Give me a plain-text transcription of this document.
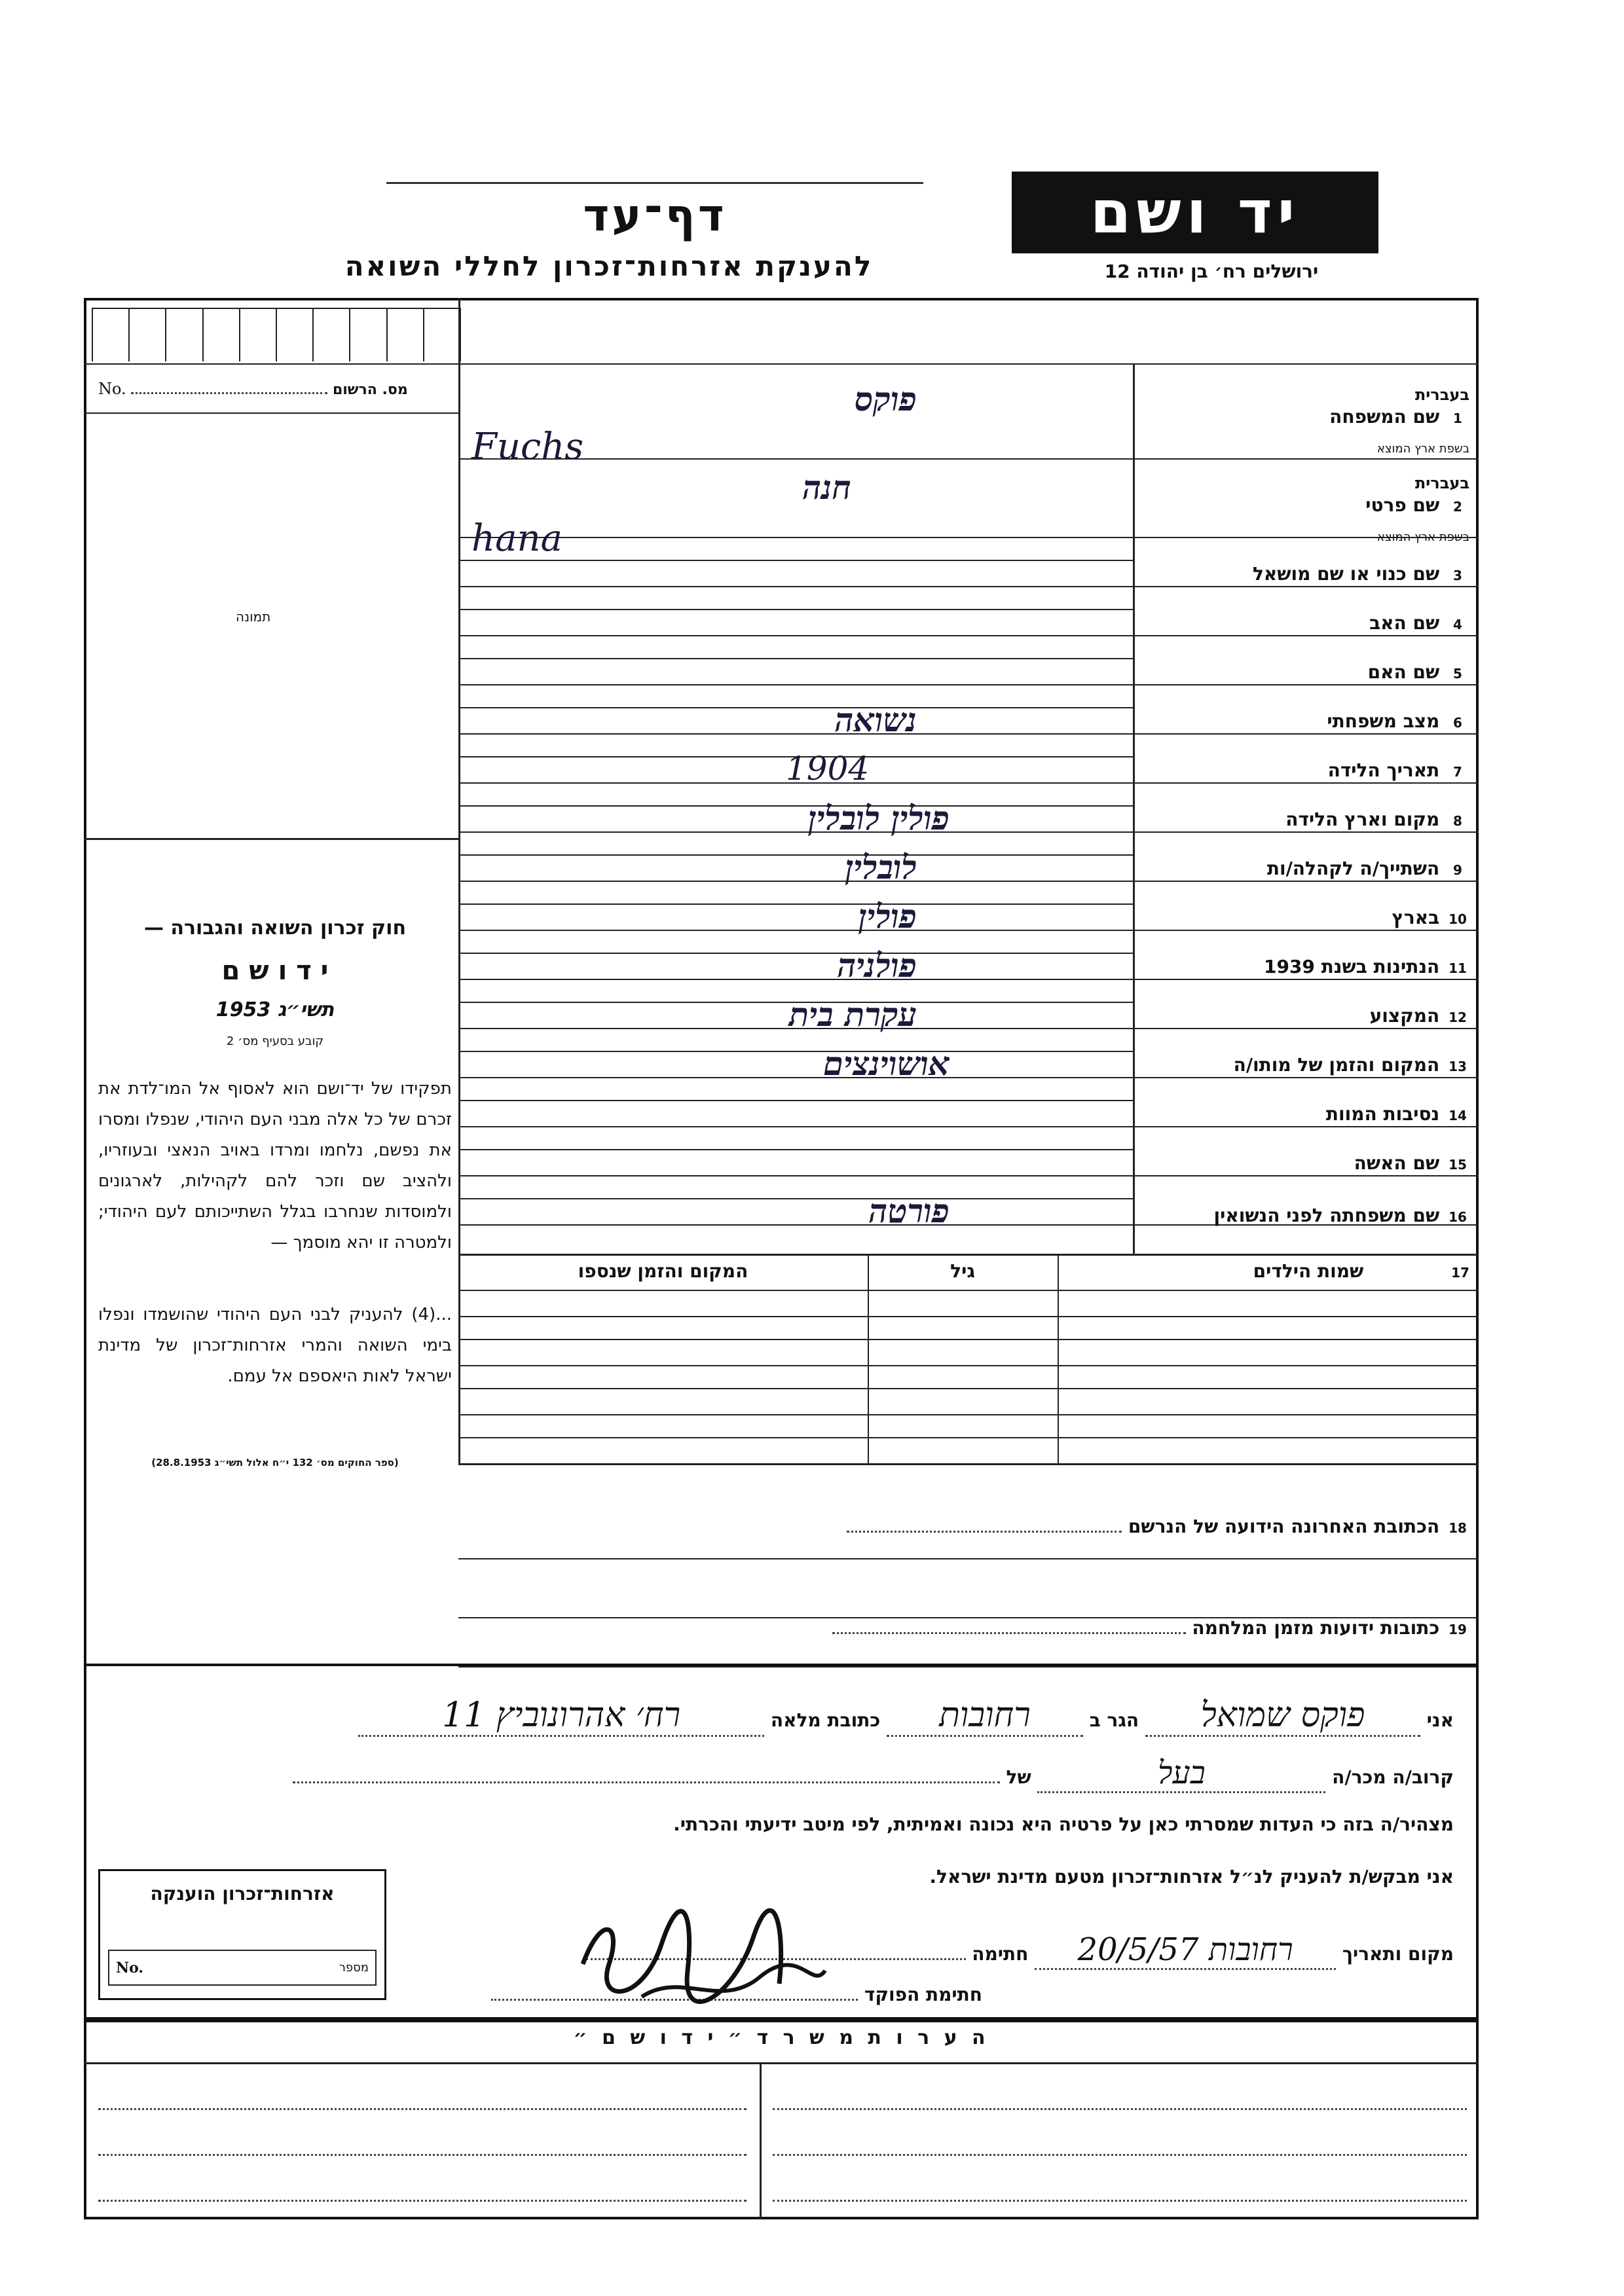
יד ושם
ירושלים רח׳ בן יהודה 12
דף־עד
להענקת אזרחות־זכרון לחללי השואה
No.	מס. הרשום
תמונה
חוק זכרון השואה והגבורה —
י ד ו ש ם
תשי״ג 1953
קובע בסעיף מס׳ 2
תפקידו של יד־ושם הוא לאסוף אל המו־לדת את זכרם של כל אלה מבני העם היהודי, שנפלו ומסרו את נפשם, נלחמו ומרדו באויב הנאצי ובעוזריו, ולהציב שם וזכר להם לקהילות, לארגונים ולמוסדות שנחרבו בגלל השתייכותם לעם היהודי; ולמטרה זו יהא מוסמך —
...(4) להעניק לבני העם היהודי שהושמדו ונפלו בימי השואה והמרי אזרחות־זכרון של מדינת ישראל לאות היאספם אל עמם.
(ספר החוקים מס׳ 132 י״ח אלול תשי״ג 28.8.1953)
בעברית
1 שם המשפחה
בשפת ארץ המוצא
פוקס
Fuchs
בעברית
2 שם פרטי
בשפת ארץ המוצא
חנה
hana
3 שם כנוי או שם מושאל
4 שם האב
5 שם האם
6 מצב משפחתי
נשואה
7 תאריך הלידה
1904
8 מקום וארץ הלידה
פולין לובלין
9 השתייך/ה לקהלה/ות
לובלין
10 בארץ
פולין
11 הנתינות בשנת 1939
פולניה
12 המקצוע
עקרת בית
13 המקום והזמן של מותו/ה
אושוינצים
14 נסיבות המוות
15 שם האשה
16 שם משפחתה לפני הנשואין
פורטה
17 שמות הילדים
גיל
המקום והזמן שנספו
18 הכתובת האחרונה הידועה של הנרשם
19 כתובות ידועות מזמן המלחמה
אני פוקס שמואל הגר ב רחובות כתובת מלאה רח׳ אהרונוביץ 11
קרוב/ה מכר/ה בעל של
מצהיר/ה בזה כי העדות שמסרתי כאן על פרטיה היא נכונה ואמיתית, לפי מיטב ידיעתי והכרתי.
אני מבקש/ת להעניק לנ״ל אזרחות־זכרון מטעם מדינת ישראל.
מקום ותאריך רחובות 20/5/57 חתימה
חתימת הפוקד
אזרחות־זכרון הוענקה
No.	מספר
ה ע ר ו ת מ ש ר ד ״ י ד ו ש ם ״
